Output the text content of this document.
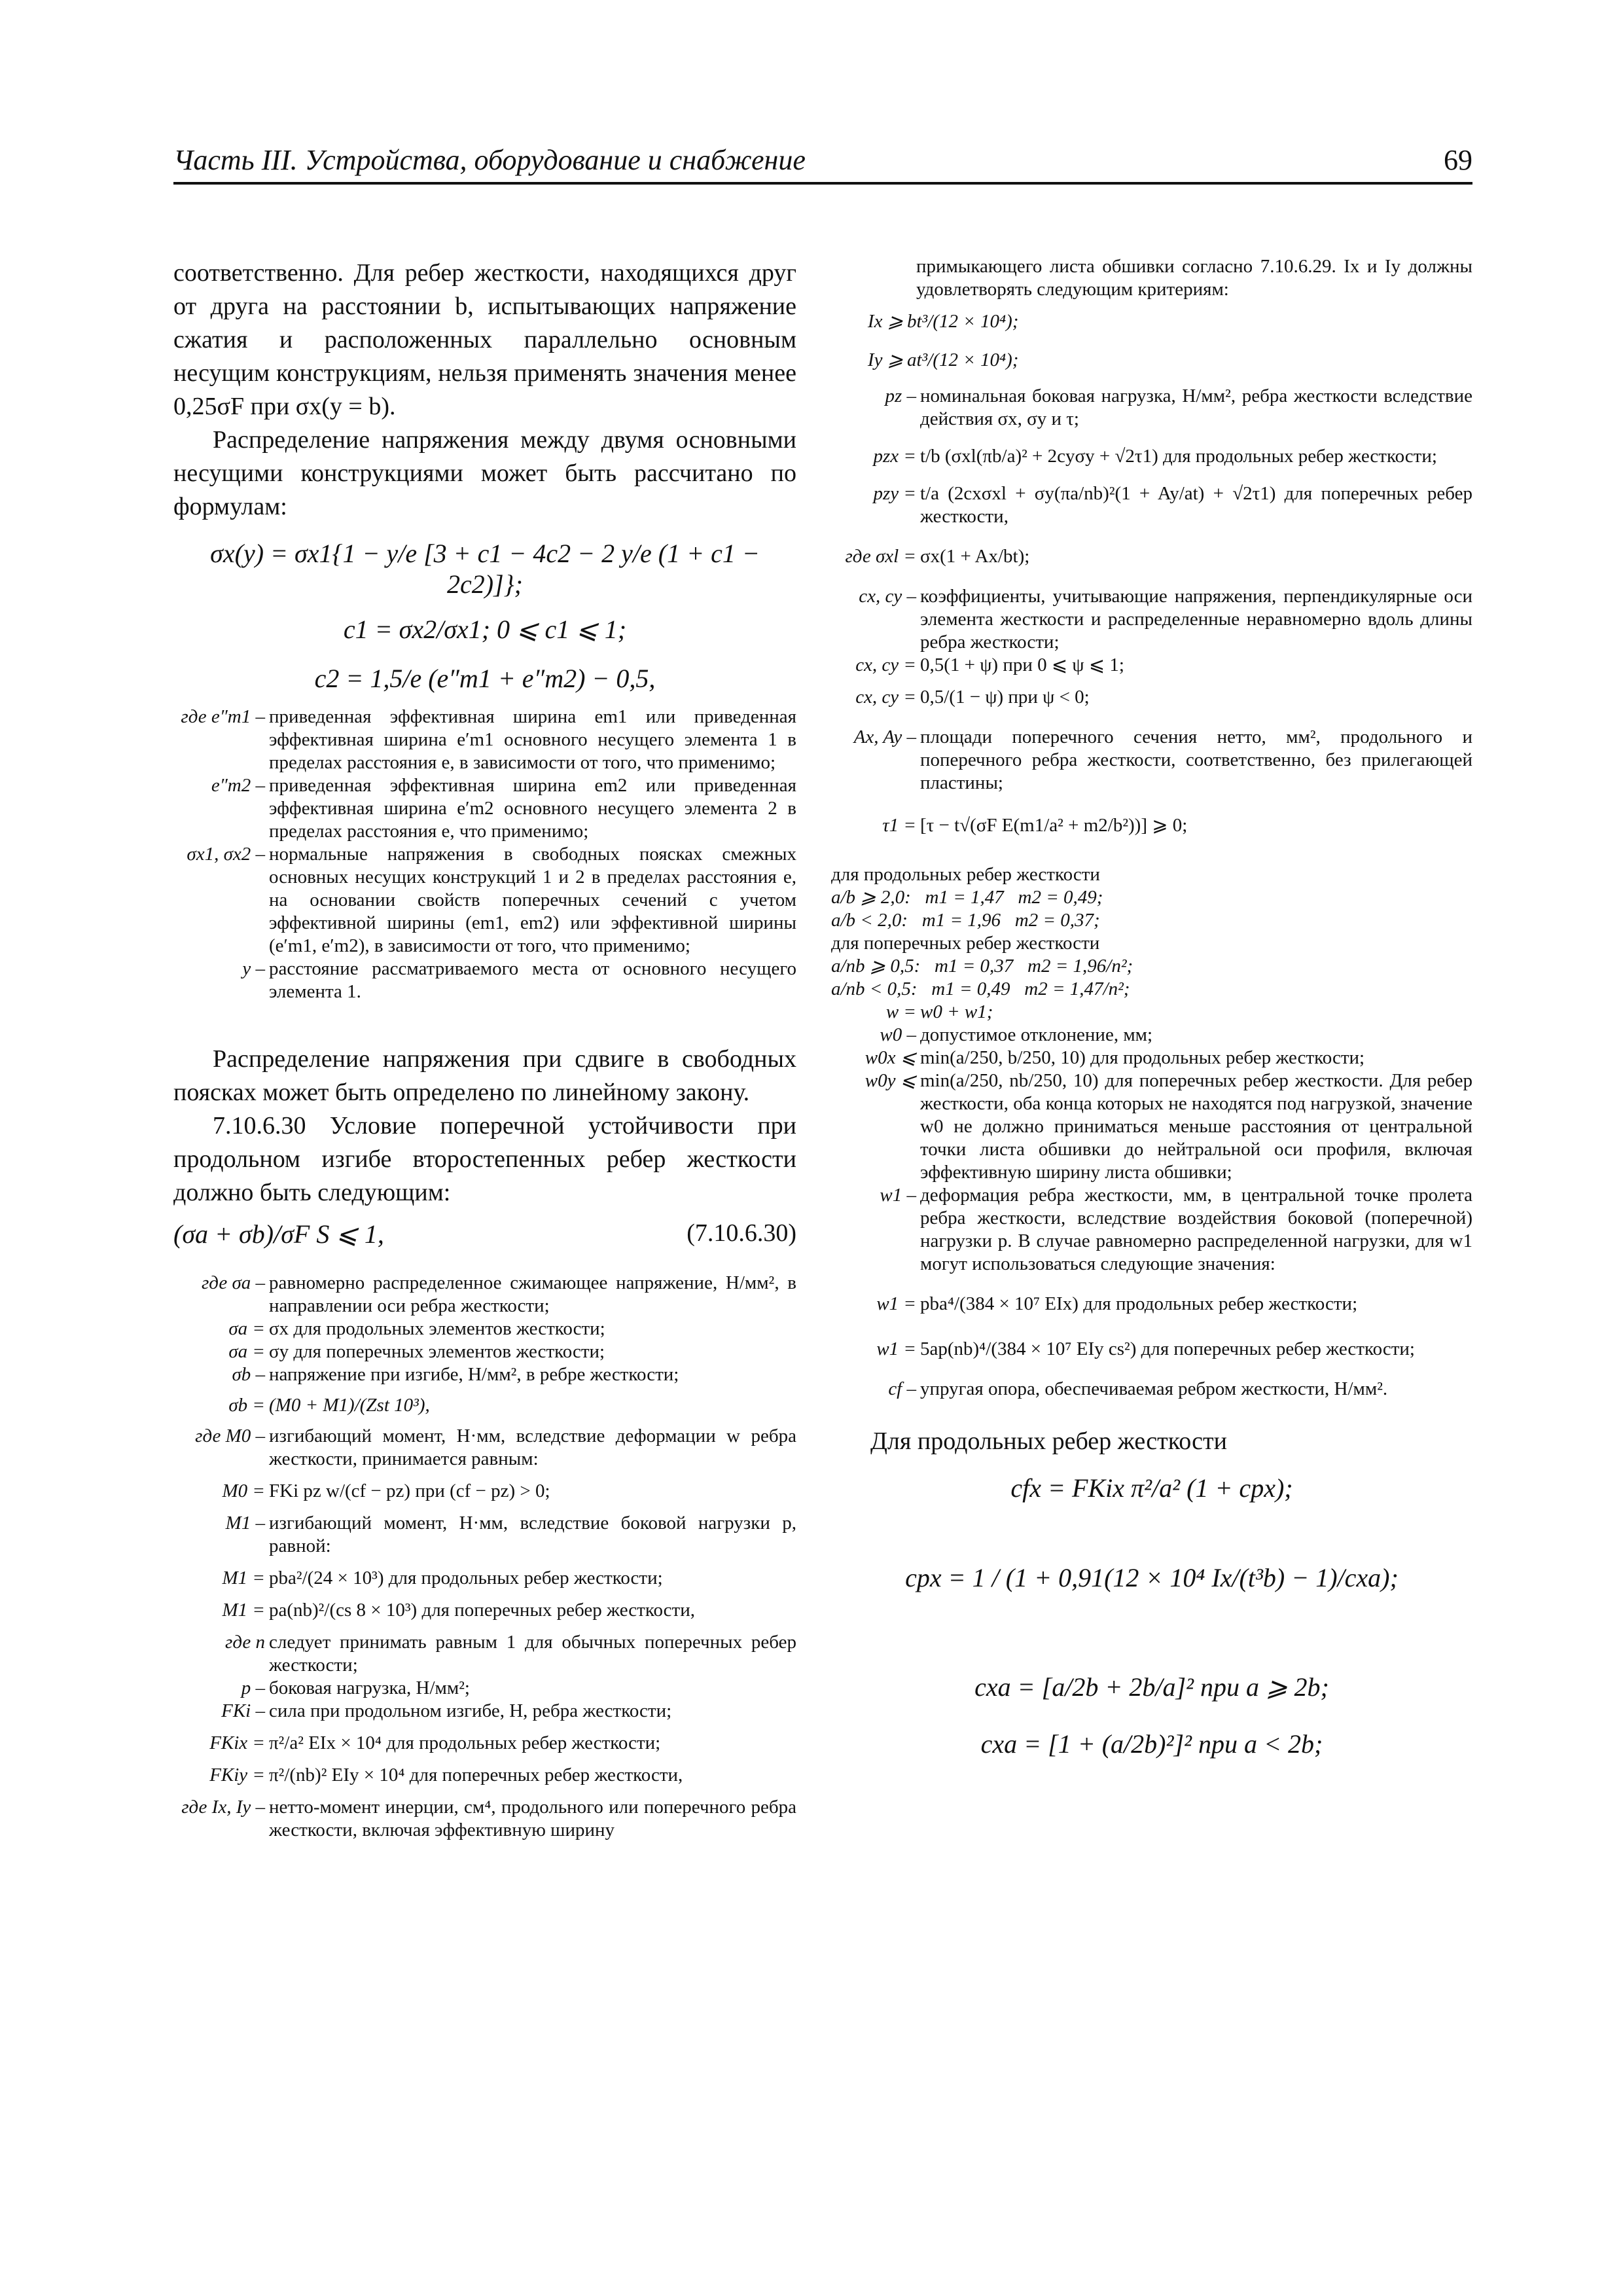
Часть III. Устройства, оборудование и снабжение	69

соответственно. Для ребер жесткости, находящихся друг от друга на расстоянии b, испытывающих напряжение сжатия и расположенных параллельно основным несущим конструкциям, нельзя применять значения менее 0,25σF при σx(y = b).

Распределение напряжения между двумя основными несущими конструкциями может быть рассчитано по формулам:

σx(y) = σx1{1 − y/e [3 + c1 − 4c2 − 2 y/e (1 + c1 − 2c2)]};

c1 = σx2/σx1; 0 ⩽ c1 ⩽ 1;

c2 = 1,5/e (e″m1 + e″m2) − 0,5,

где e″m1 – приведенная эффективная ширина em1 или приведенная эффективная ширина e′m1 основного несущего элемента 1 в пределах расстояния e, в зависимости от того, что применимо;
e″m2 – приведенная эффективная ширина em2 или приведенная эффективная ширина e′m2 основного несущего элемента 2 в пределах расстояния e, что применимо;
σx1, σx2 – нормальные напряжения в свободных поясках смежных основных несущих конструкций 1 и 2 в пределах расстояния e, на основании свойств поперечных сечений с учетом эффективной ширины (em1, em2) или эффективной ширины (e′m1, e′m2), в зависимости от того, что применимо;
y – расстояние рассматриваемого места от основного несущего элемента 1.

Распределение напряжения при сдвиге в свободных поясках может быть определено по линейному закону.

7.10.6.30 Условие поперечной устойчивости при продольном изгибе второстепенных ребер жесткости должно быть следующим:

(σa + σb)/σF S ⩽ 1,	(7.10.6.30)
где σa – равномерно распределенное сжимающее напряжение, Н/мм², в направлении оси ребра жесткости;
σa = σx для продольных элементов жесткости;
σa = σy для поперечных элементов жесткости;
σb – напряжение при изгибе, Н/мм², в ребре жесткости;
σb = (M0 + M1)/(Zst 10³),
где M0 – изгибающий момент, Н·мм, вследствие деформации w ребра жесткости, принимается равным:
M0 = FKi pz w/(cf − pz) при (cf − pz) > 0;
M1 – изгибающий момент, Н·мм, вследствие боковой нагрузки p, равной:
M1 = pba²/(24 × 10³) для продольных ребер жесткости;
M1 = pa(nb)²/(cs 8 × 10³) для поперечных ребер жесткости,
где n следует принимать равным 1 для обычных поперечных ребер жесткости;
p – боковая нагрузка, Н/мм²;
FKi – сила при продольном изгибе, Н, ребра жесткости;
FKix = π²/a² EIx × 10⁴ для продольных ребер жесткости;
FKiy = π²/(nb)² EIy × 10⁴ для поперечных ребер жесткости,
где Ix, Iy – нетто-момент инерции, см⁴, продольного или поперечного ребра жесткости, включая эффективную ширину

примыкающего листа обшивки согласно 7.10.6.29. Ix и Iy должны удовлетворять следующим критериям:

Ix ⩾ bt³/(12 × 10⁴);
Iy ⩾ at³/(12 × 10⁴);
pz – номинальная боковая нагрузка, Н/мм², ребра жесткости вследствие действия σx, σy и τ;
pzx = t/b (σxl(πb/a)² + 2cyσy + √2τ1) для продольных ребер жесткости;
pzy = t/a (2cxσxl + σy(πa/nb)²(1 + Ay/at) + √2τ1) для поперечных ребер жесткости,
где σxl = σx(1 + Ax/bt);
cx, cy – коэффициенты, учитывающие напряжения, перпендикулярные оси элемента жесткости и распределенные неравномерно вдоль длины ребра жесткости;
cx, cy = 0,5(1 + ψ) при 0 ⩽ ψ ⩽ 1;
cx, cy = 0,5/(1 − ψ) при ψ < 0;
Ax, Ay – площади поперечного сечения нетто, мм², продольного и поперечного ребра жесткости, соответственно, без прилегающей пластины;
τ1 = [τ − t√(σF E(m1/a² + m2/b²))] ⩾ 0;

для продольных ребер жесткости

a/b ⩾ 2,0:   m1 = 1,47   m2 = 0,49;

a/b < 2,0:   m1 = 1,96   m2 = 0,37;

для поперечных ребер жесткости

a/nb ⩾ 0,5:   m1 = 0,37   m2 = 1,96/n²;

a/nb < 0,5:   m1 = 0,49   m2 = 1,47/n²;

w = w0 + w1;
w0 – допустимое отклонение, мм;
w0x ⩽ min(a/250, b/250, 10) для продольных ребер жесткости;
w0y ⩽ min(a/250, nb/250, 10) для поперечных ребер жесткости. Для ребер жесткости, оба конца которых не находятся под нагрузкой, значение w0 не должно приниматься меньше расстояния от центральной точки листа обшивки до нейтральной оси профиля, включая эффективную ширину листа обшивки;
w1 – деформация ребра жесткости, мм, в центральной точке пролета ребра жесткости, вследствие воздействия боковой (поперечной) нагрузки p. В случае равномерно распределенной нагрузки, для w1 могут использоваться следующие значения:
w1 = pba⁴/(384 × 10⁷ EIx) для продольных ребер жесткости;
w1 = 5ap(nb)⁴/(384 × 10⁷ EIy cs²) для поперечных ребер жесткости;
cf – упругая опора, обеспечиваемая ребром жесткости, Н/мм².

Для продольных ребер жесткости

cfx = FKix π²/a² (1 + cpx);

cpx = 1 / (1 + 0,91(12 × 10⁴ Ix/(t³b) − 1)/cxa);

cxa = [a/2b + 2b/a]² при a ⩾ 2b;

cxa = [1 + (a/2b)²]² при a < 2b;
